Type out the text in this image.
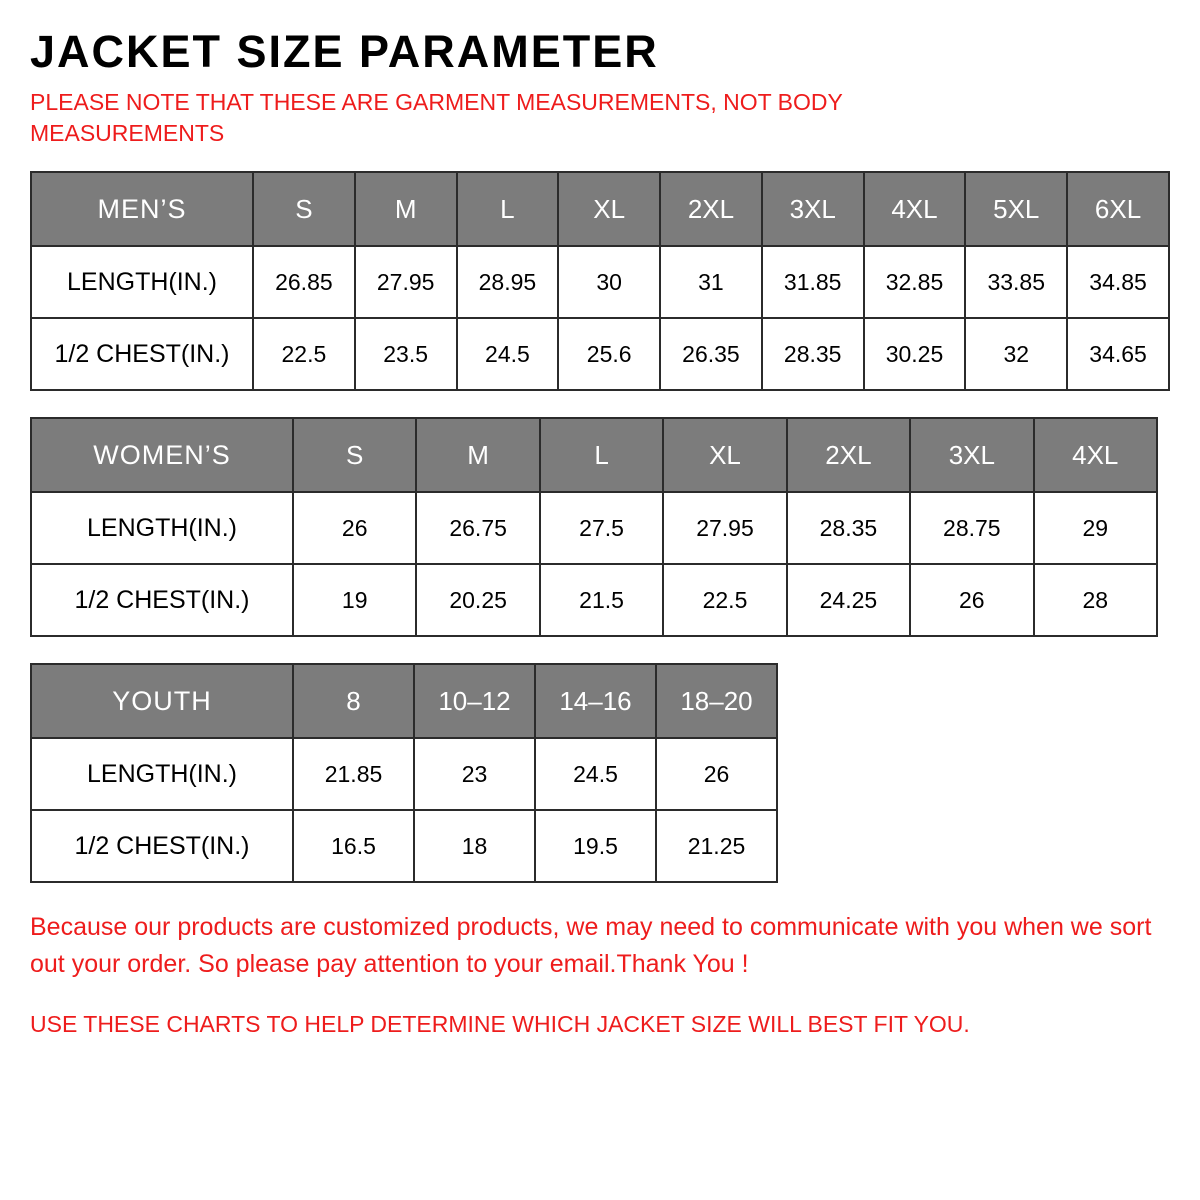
JACKET SIZE PARAMETER

PLEASE NOTE THAT THESE ARE GARMENT MEASUREMENTS, NOT BODY MEASUREMENTS

MEN’S	S	M	L	XL	2XL	3XL	4XL	5XL	6XL
LENGTH(IN.)	26.85	27.95	28.95	30	31	31.85	32.85	33.85	34.85
1/2 CHEST(IN.)	22.5	23.5	24.5	25.6	26.35	28.35	30.25	32	34.65
WOMEN’S	S	M	L	XL	2XL	3XL	4XL
LENGTH(IN.)	26	26.75	27.5	27.95	28.35	28.75	29
1/2 CHEST(IN.)	19	20.25	21.5	22.5	24.25	26	28
YOUTH	8	10–12	14–16	18–20
LENGTH(IN.)	21.85	23	24.5	26
1/2 CHEST(IN.)	16.5	18	19.5	21.25

Because our products are customized products, we may need to communicate with you when we sort out your order. So please pay attention to your email.Thank You !

USE THESE CHARTS TO HELP DETERMINE WHICH JACKET SIZE WILL BEST FIT YOU.
